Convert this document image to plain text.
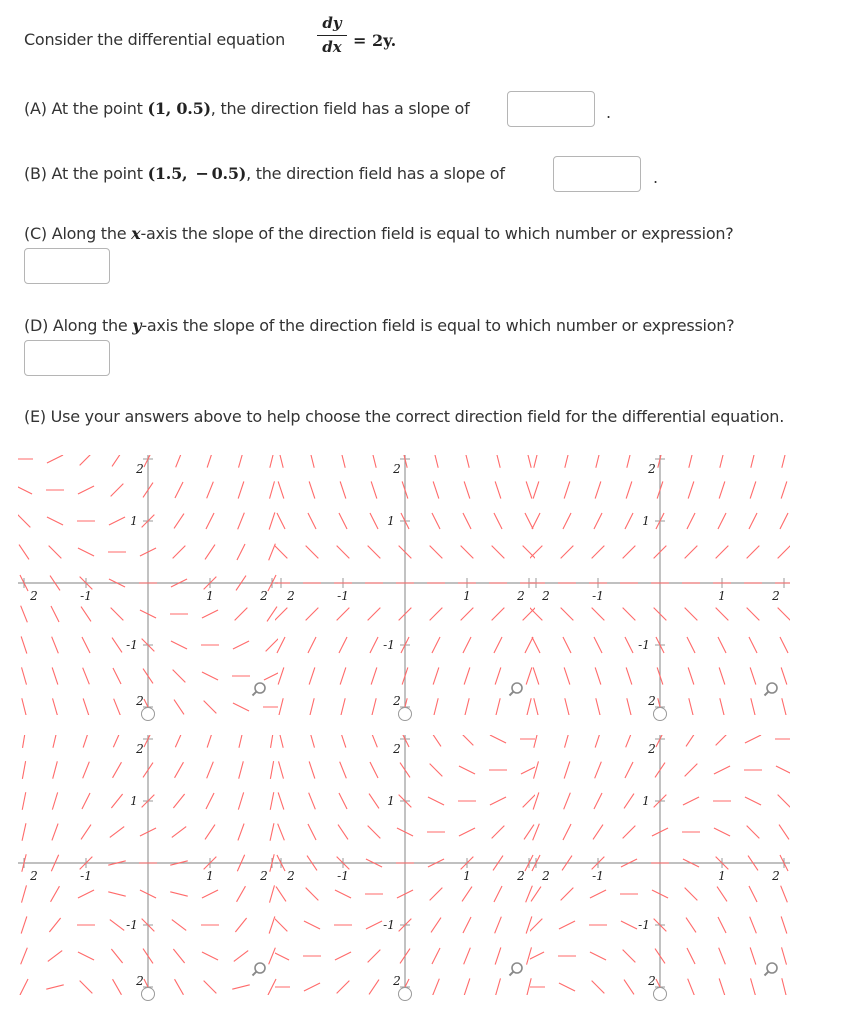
Consider the differential equation
dy
dx = 2y.
(A) At the point (1, 0.5), the direction field has a slope of	.
(B) At the point (1.5,  − 0.5), the direction field has a slope of	.
(C) Along the x-axis the slope of the direction field is equal to which number or expression?
(D) Along the y-axis the slope of the direction field is equal to which number or expression?
(E) Use your answers above to help choose the correct direction field for the differential equation.
2	-1	1	2
1
-1
2
2
2	-1	1	2
1
-1
2
2
2	-1	1	2
1
-1
2
2
2	-1	1	2
1
-1
2
2
2	-1	1	2
1
-1
2
2
2	-1	1	2
1
-1
2
2
